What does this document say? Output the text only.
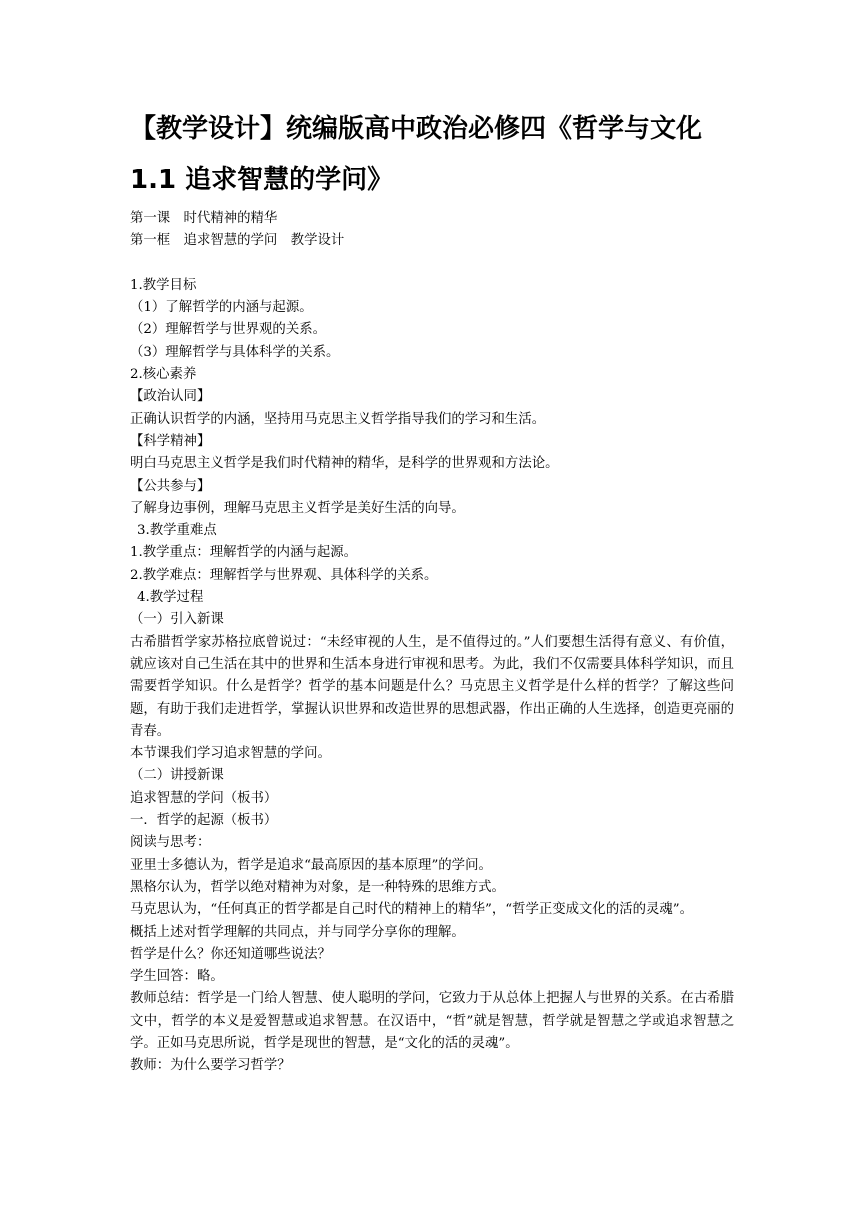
【教学设计】统编版高中政治必修四《哲学与文化 1.1 追求智慧的学问》

第一课　时代精神的精华

第一框　追求智慧的学问　教学设计

1.教学目标

（1）了解哲学的内涵与起源。

（2）理解哲学与世界观的关系。

（3）理解哲学与具体科学的关系。

2.核心素养

【政治认同】

正确认识哲学的内涵，坚持用马克思主义哲学指导我们的学习和生活。

【科学精神】

明白马克思主义哲学是我们时代精神的精华，是科学的世界观和方法论。

【公共参与】

了解身边事例，理解马克思主义哲学是美好生活的向导。

3.教学重难点

1.教学重点：理解哲学的内涵与起源。

2.教学难点：理解哲学与世界观、具体科学的关系。

4.教学过程

（一）引入新课

古希腊哲学家苏格拉底曾说过：“未经审视的人生，是不值得过的。”人们要想生活得有意义、有价值，就应该对自己生活在其中的世界和生活本身进行审视和思考。为此，我们不仅需要具体科学知识，而且需要哲学知识。什么是哲学？哲学的基本问题是什么？马克思主义哲学是什么样的哲学？了解这些问题，有助于我们走进哲学，掌握认识世界和改造世界的思想武器，作出正确的人生选择，创造更亮丽的青春。

本节课我们学习追求智慧的学问。

（二）讲授新课

追求智慧的学问（板书）

一．哲学的起源（板书）

阅读与思考：

亚里士多德认为，哲学是追求“最高原因的基本原理”的学问。

黑格尔认为，哲学以绝对精神为对象，是一种特殊的思维方式。

马克思认为，“任何真正的哲学都是自己时代的精神上的精华”，“哲学正变成文化的活的灵魂”。

概括上述对哲学理解的共同点，并与同学分享你的理解。

哲学是什么？你还知道哪些说法？

学生回答：略。

教师总结：哲学是一门给人智慧、使人聪明的学问，它致力于从总体上把握人与世界的关系。在古希腊文中，哲学的本义是爱智慧或追求智慧。在汉语中，“哲”就是智慧，哲学就是智慧之学或追求智慧之学。正如马克思所说，哲学是现世的智慧，是“文化的活的灵魂”。

教师：为什么要学习哲学？
